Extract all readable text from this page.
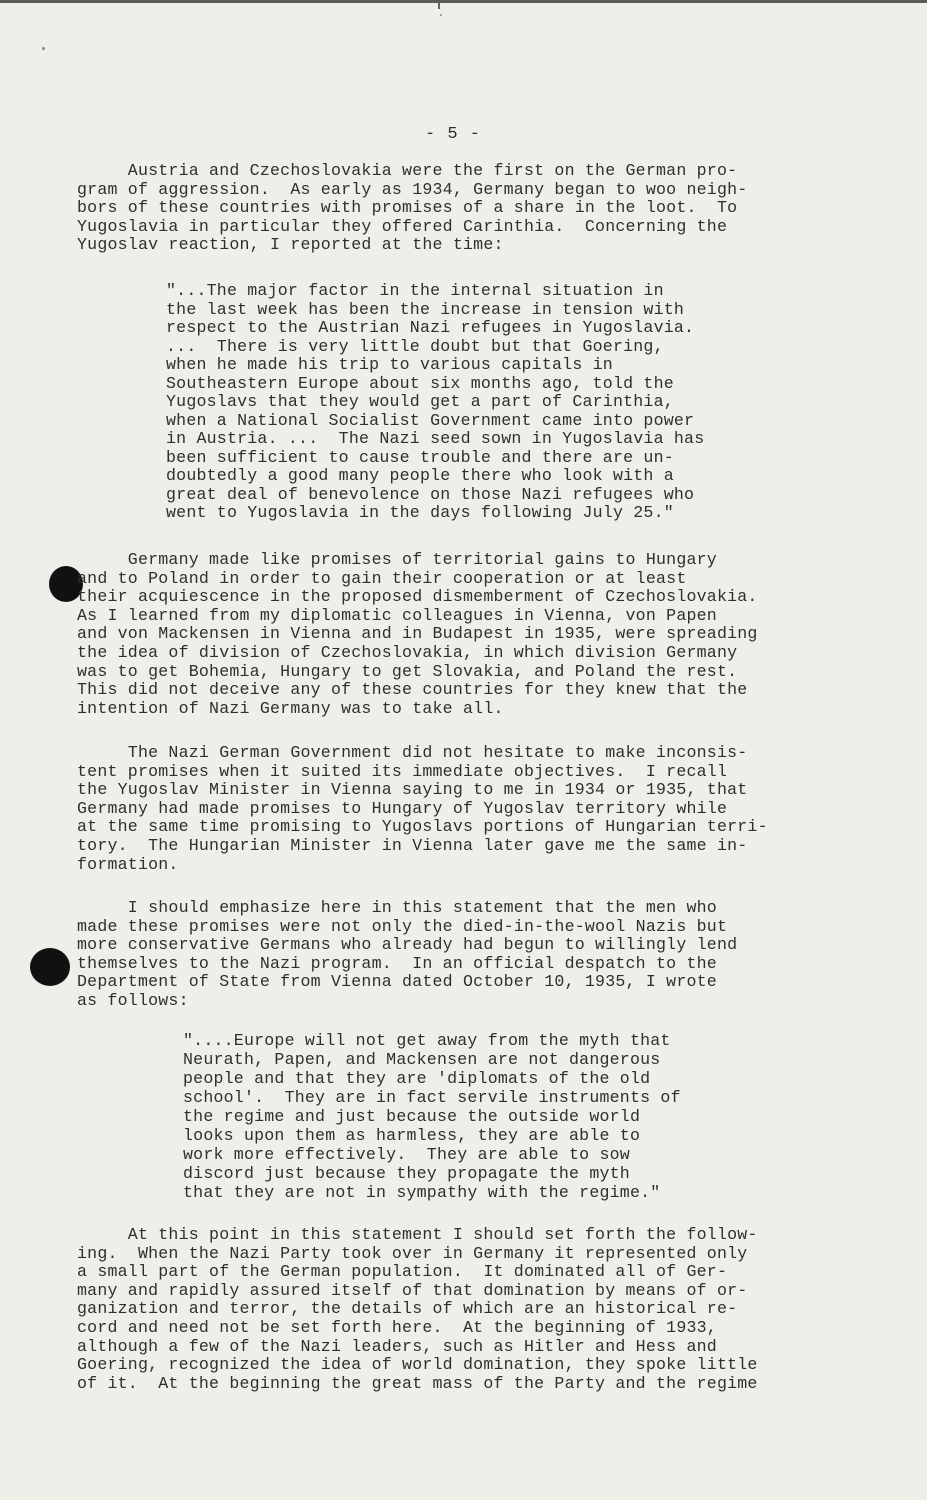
- 5 -

Austria and Czechoslovakia were the first on the German pro-
gram of aggression.  As early as 1934, Germany began to woo neigh-
bors of these countries with promises of a share in the loot.  To
Yugoslavia in particular they offered Carinthia.  Concerning the
Yugoslav reaction, I reported at the time:

"...The major factor in the internal situation in
the last week has been the increase in tension with
respect to the Austrian Nazi refugees in Yugoslavia.
...  There is very little doubt but that Goering,
when he made his trip to various capitals in
Southeastern Europe about six months ago, told the
Yugoslavs that they would get a part of Carinthia,
when a National Socialist Government came into power
in Austria. ...  The Nazi seed sown in Yugoslavia has
been sufficient to cause trouble and there are un-
doubtedly a good many people there who look with a
great deal of benevolence on those Nazi refugees who
went to Yugoslavia in the days following July 25."

Germany made like promises of territorial gains to Hungary
and to Poland in order to gain their cooperation or at least
their acquiescence in the proposed dismemberment of Czechoslovakia.
As I learned from my diplomatic colleagues in Vienna, von Papen
and von Mackensen in Vienna and in Budapest in 1935, were spreading
the idea of division of Czechoslovakia, in which division Germany
was to get Bohemia, Hungary to get Slovakia, and Poland the rest.
This did not deceive any of these countries for they knew that the
intention of Nazi Germany was to take all.

The Nazi German Government did not hesitate to make inconsis-
tent promises when it suited its immediate objectives.  I recall
the Yugoslav Minister in Vienna saying to me in 1934 or 1935, that
Germany had made promises to Hungary of Yugoslav territory while
at the same time promising to Yugoslavs portions of Hungarian terri-
tory.  The Hungarian Minister in Vienna later gave me the same in-
formation.

I should emphasize here in this statement that the men who
made these promises were not only the died-in-the-wool Nazis but
more conservative Germans who already had begun to willingly lend
themselves to the Nazi program.  In an official despatch to the
Department of State from Vienna dated October 10, 1935, I wrote
as follows:

"....Europe will not get away from the myth that
Neurath, Papen, and Mackensen are not dangerous
people and that they are 'diplomats of the old
school'.  They are in fact servile instruments of
the regime and just because the outside world
looks upon them as harmless, they are able to
work more effectively.  They are able to sow
discord just because they propagate the myth
that they are not in sympathy with the regime."

At this point in this statement I should set forth the follow-
ing.  When the Nazi Party took over in Germany it represented only
a small part of the German population.  It dominated all of Ger-
many and rapidly assured itself of that domination by means of or-
ganization and terror, the details of which are an historical re-
cord and need not be set forth here.  At the beginning of 1933,
although a few of the Nazi leaders, such as Hitler and Hess and
Goering, recognized the idea of world domination, they spoke little
of it.  At the beginning the great mass of the Party and the regime
